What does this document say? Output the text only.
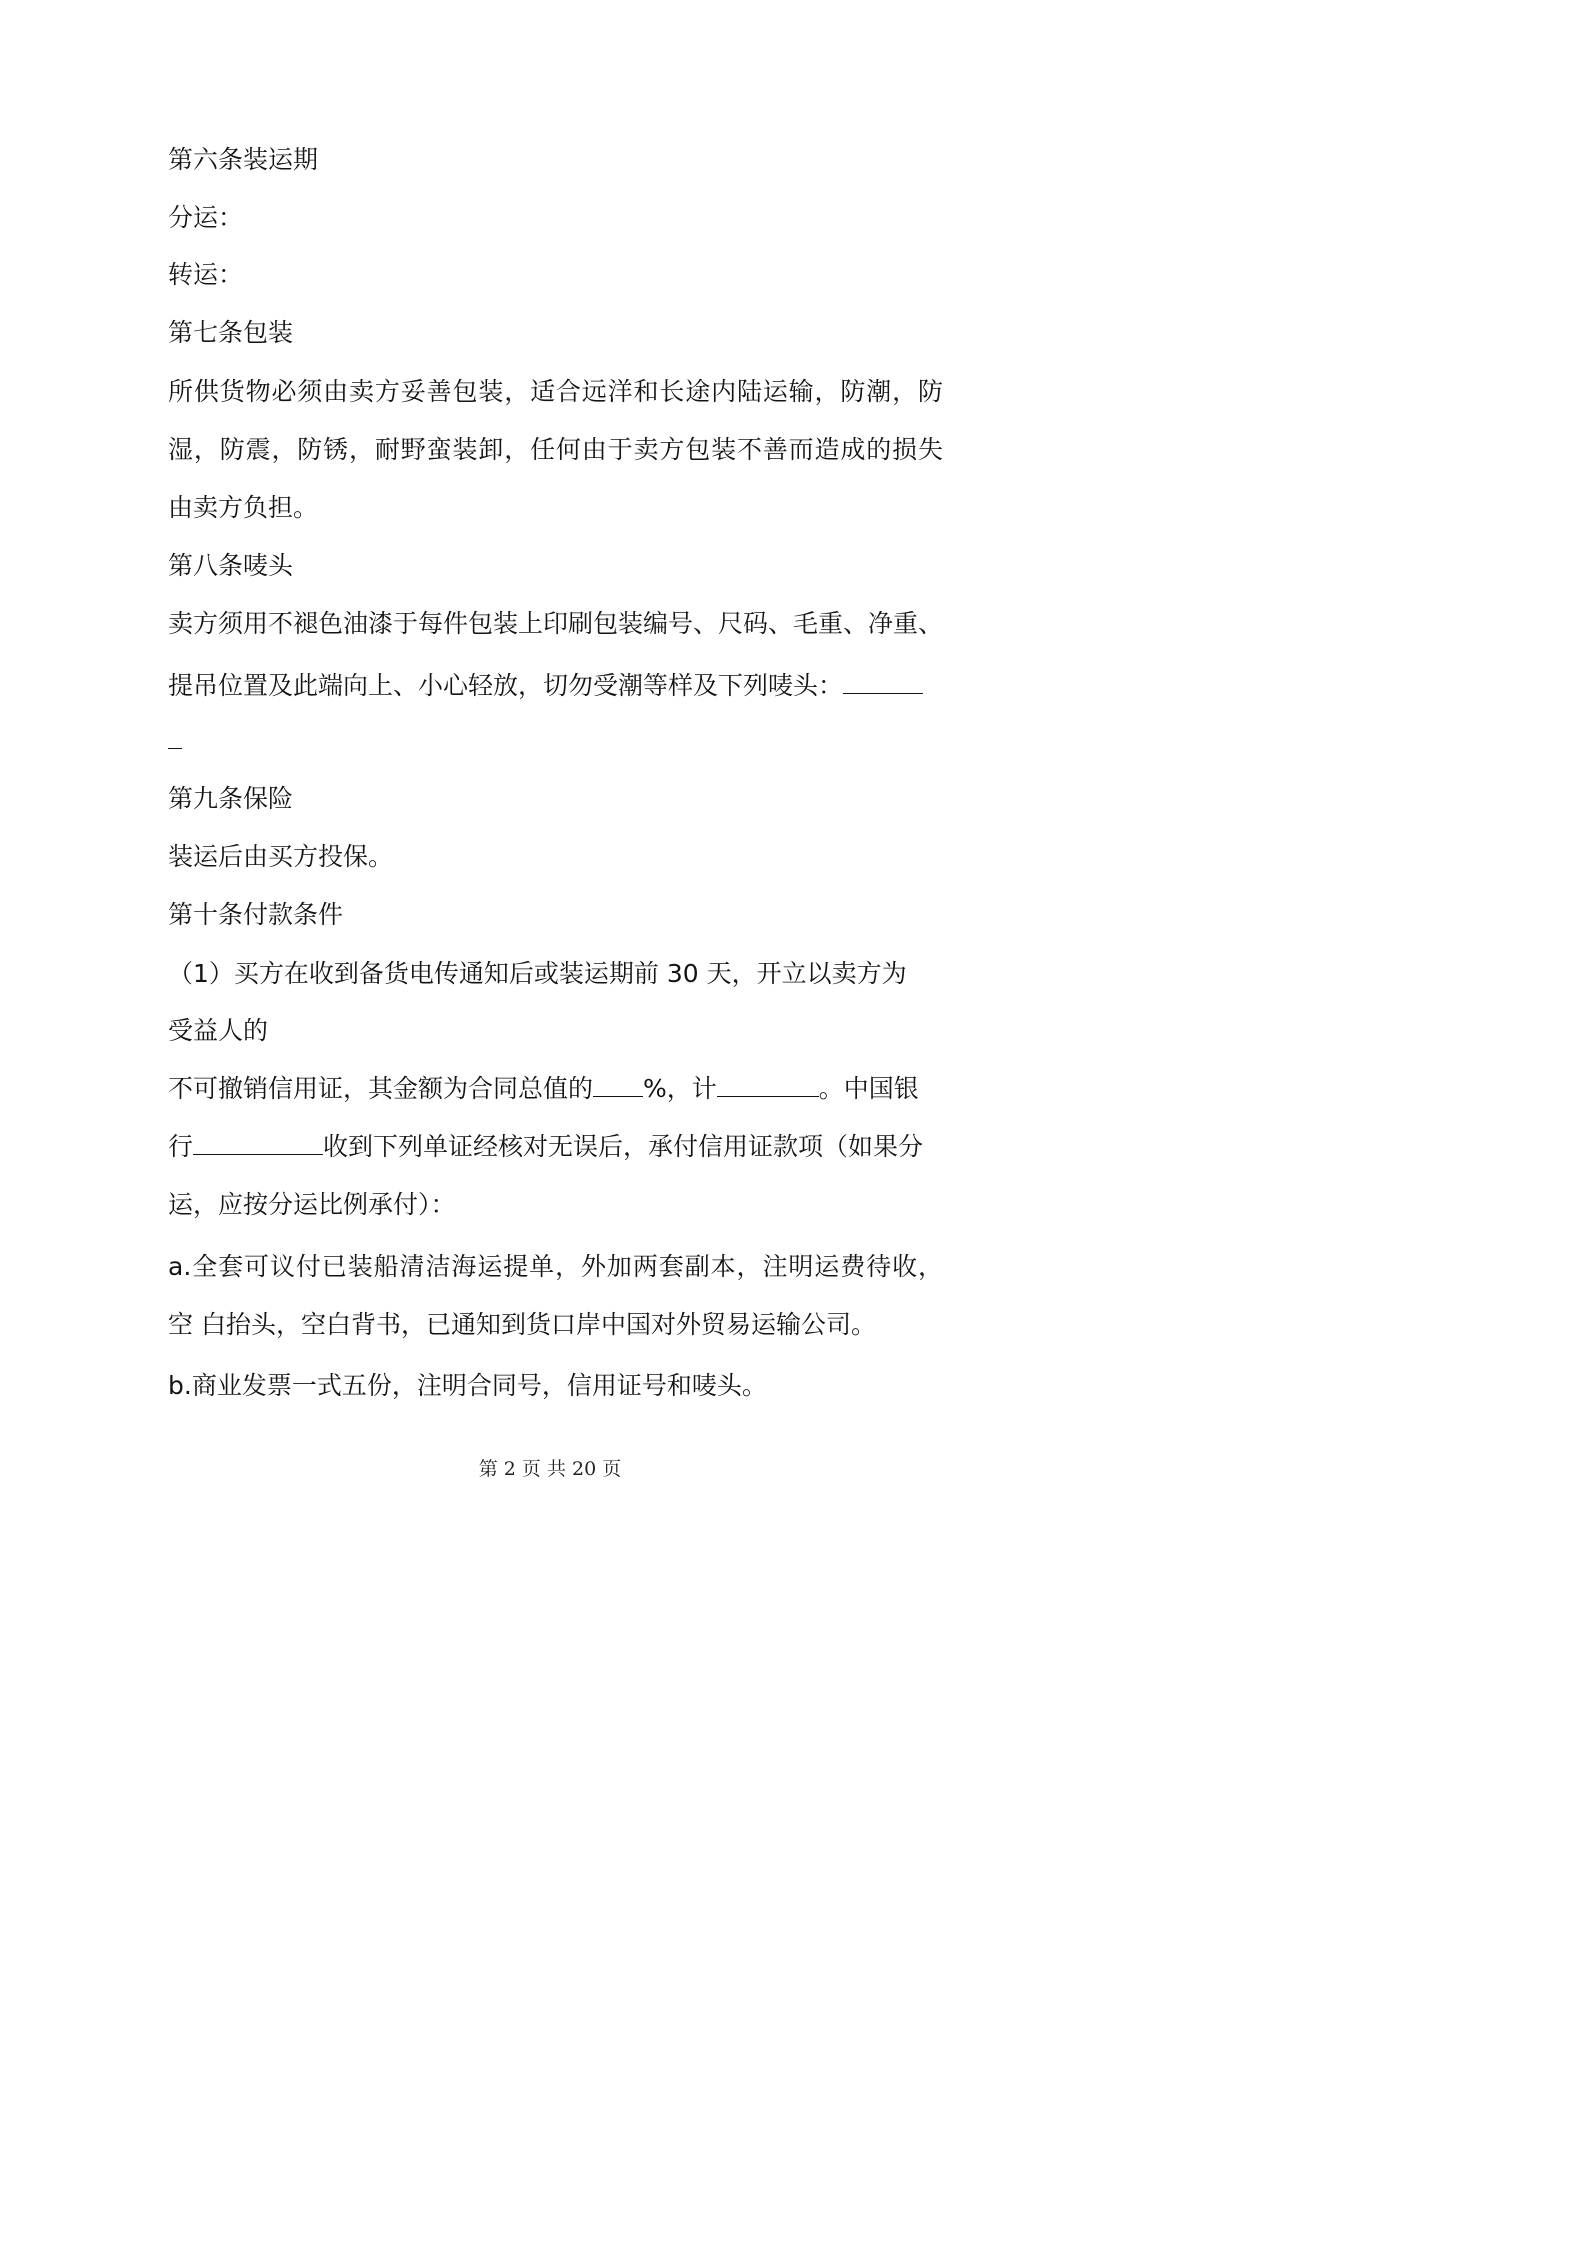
第六条装运期
分运：
转运：
第七条包装
所供货物必须由卖方妥善包装，适合远洋和长途内陆运输，防潮，防
湿，防震，防锈，耐野蛮装卸，任何由于卖方包装不善而造成的损失
由卖方负担。
第八条唛头
卖方须用不褪色油漆于每件包装上印刷包装编号、尺码、毛重、净重、
提吊位置及此端向上、小心轻放，切勿受潮等样及下列唛头：
第九条保险
装运后由买方投保。
第十条付款条件
（1）买方在收到备货电传通知后或装运期前 30 天，开立以卖方为
受益人的
不可撤销信用证，其金额为合同总值的 %，计	。中国银
行	收到下列单证经核对无误后，承付信用证款项（如果分
运，应按分运比例承付）：
a.全套可议付已装船清洁海运提单，外加两套副本，注明运费待收，
空 白抬头，空白背书，已通知到货口岸中国对外贸易运输公司。
b.商业发票一式五份，注明合同号，信用证号和唛头。
第 2 页 共 20 页
